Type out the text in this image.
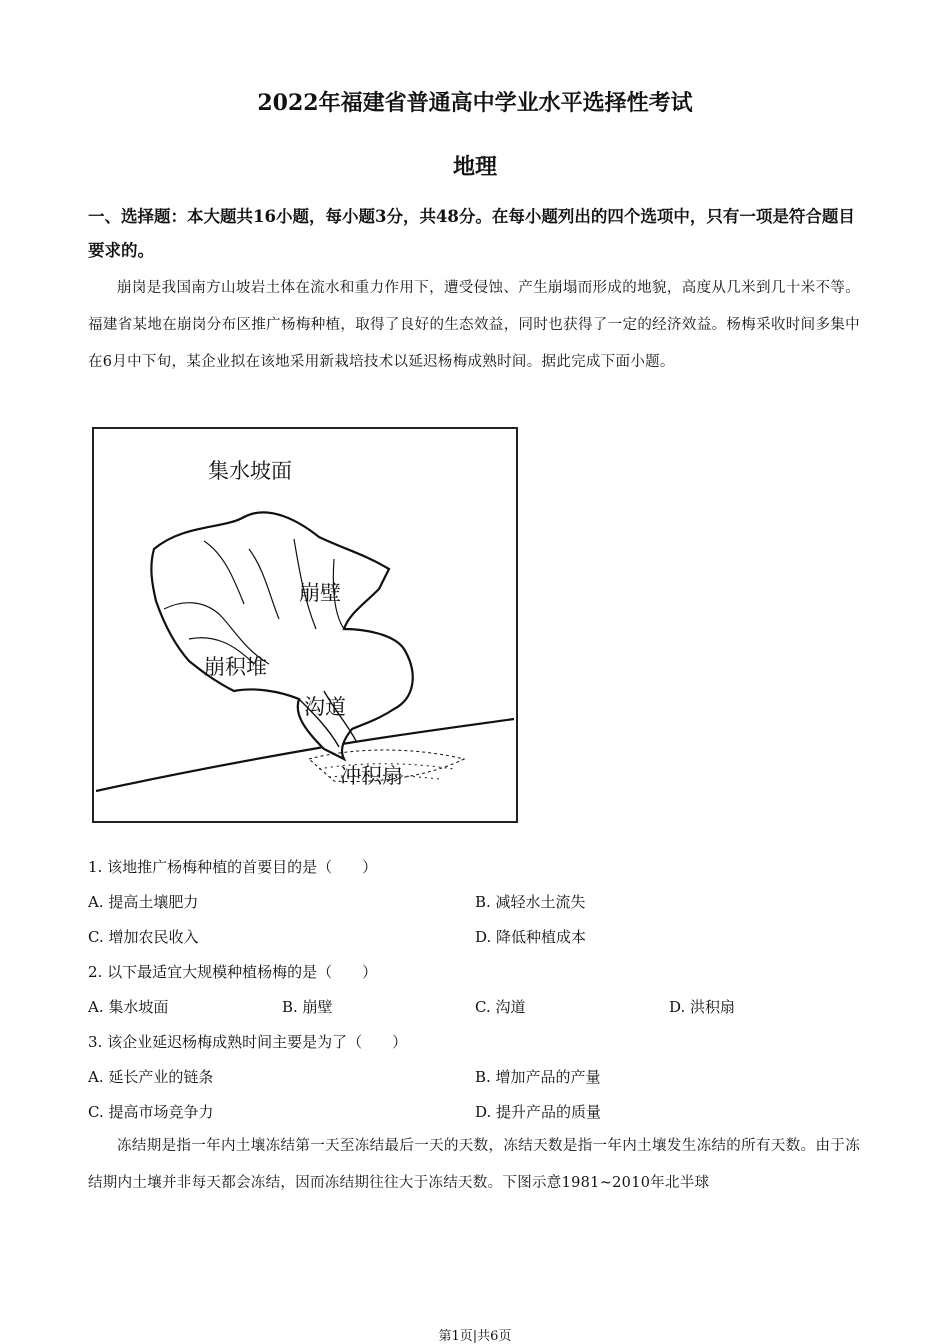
2022年福建省普通高中学业水平选择性考试
地理
一、选择题：本大题共16小题，每小题3分，共48分。在每小题列出的四个选项中，只有一项是符合题目要求的。
崩岗是我国南方山坡岩土体在流水和重力作用下，遭受侵蚀、产生崩塌而形成的地貌，高度从几米到几十米不等。福建省某地在崩岗分布区推广杨梅种植，取得了良好的生态效益，同时也获得了一定的经济效益。杨梅采收时间多集中在6月中下旬，某企业拟在该地采用新栽培技术以延迟杨梅成熟时间。据此完成下面小题。
集水坡面
崩壁
崩积堆
沟道
冲积扇
1. 该地推广杨梅种植的首要目的是（　　）
A. 提高土壤肥力	B. 减轻水土流失
C. 增加农民收入	D. 降低种植成本
2. 以下最适宜大规模种植杨梅的是（　　）
A. 集水坡面	B. 崩壁	C. 沟道	D. 洪积扇
3. 该企业延迟杨梅成熟时间主要是为了（　　）
A. 延长产业的链条	B. 增加产品的产量
C. 提高市场竞争力	D. 提升产品的质量
冻结期是指一年内土壤冻结第一天至冻结最后一天的天数，冻结天数是指一年内土壤发生冻结的所有天数。由于冻结期内土壤并非每天都会冻结，因而冻结期往往大于冻结天数。下图示意1981~2010年北半球
第1页|共6页
